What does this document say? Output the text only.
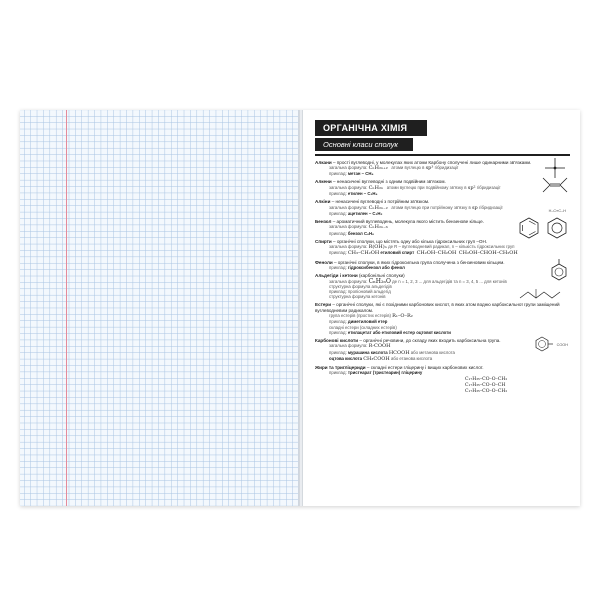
ОРГАНІЧНА ХІМІЯ
Основні класи сполук
Алкани – прості вуглеводні, у молекулах яких атоми Карбону сполучені лише одинарними зв'язками.
загальна формула: CₙH₂ₙ₊₂ атоми вуглецю в sp³ гібридизації
приклад: метан – CH₄
Алкени – ненасичені вуглеводні з одним подвійним зв'язком.
загальна формула: CₙH₂ₙ атоми вуглецю при подвійному зв'язку в sp² гібридизації
приклад: етилен – C₂H₄
Алкіни – ненасичені вуглеводні з потрійним зв'язком.
загальна формула: CₙH₂ₙ₋₂ атоми вуглецю при потрійному зв'язку в sp гібридизації
приклад: ацетилен – C₂H₂	H–C≡C–H
Бензол – ароматичний вуглеводень, молекула якого містить бензенове кільце.
загальна формула: CₙH₂ₙ₋₆
приклад: бензол C₆H₆
Спирти – органічні сполуки, що містять одну або кілька гідроксильних груп –OH.
загальна формула: R(OH)ₙ де R – вуглеводневий радикал, n – кількість гідроксильних груп
приклад: CH₃–CH₂OH етиловий спирт CH₂OH–CH₂OH CH₂OH–CHOH–CH₂OH
Феноли – органічні сполуки, в яких гідроксильна група сполучена з бензеновим кільцем.
приклад: гідроксибензол або фенол
Альдегіди і кетони (карбонільні сполуки)
загальна формула: CₙH₂ₙO де n = 1, 2, 3 ... для альдегідів та n = 3, 4, 5 ... для кетонів
структурна формула альдегідів
приклад: пропіоновий альдегід
структурна формула кетонів
Естери – органічні сполуки, які є похідними карбонових кислот, в яких атом водню карбоксильної групи заміщений вуглеводневим радикалом.
група естерів (простих естерів) R₁–O–R₂
приклад: диметиловий етер
складні естери (складних естерів)
приклад: етилацетат або етиловий естер оцтової кислоти
Карбонові кислоти – органічні речовини, до складу яких входить карбоксильна група.
загальна формула: R-COOH
приклад: мурашина кислота HCOOH або метанова кислота
оцтова кислота CH₃COOH або етанова кислота
COOH
Жири та тригліцериди – складні естери гліцерину і вищих карбонових кислот.
приклад: тристеарат (тристеарин) гліцерину
C₁₇H₃₅–CO–O–CH₂
C₁₇H₃₅–CO–O–CH
C₁₇H₃₅–CO–O–CH₂
